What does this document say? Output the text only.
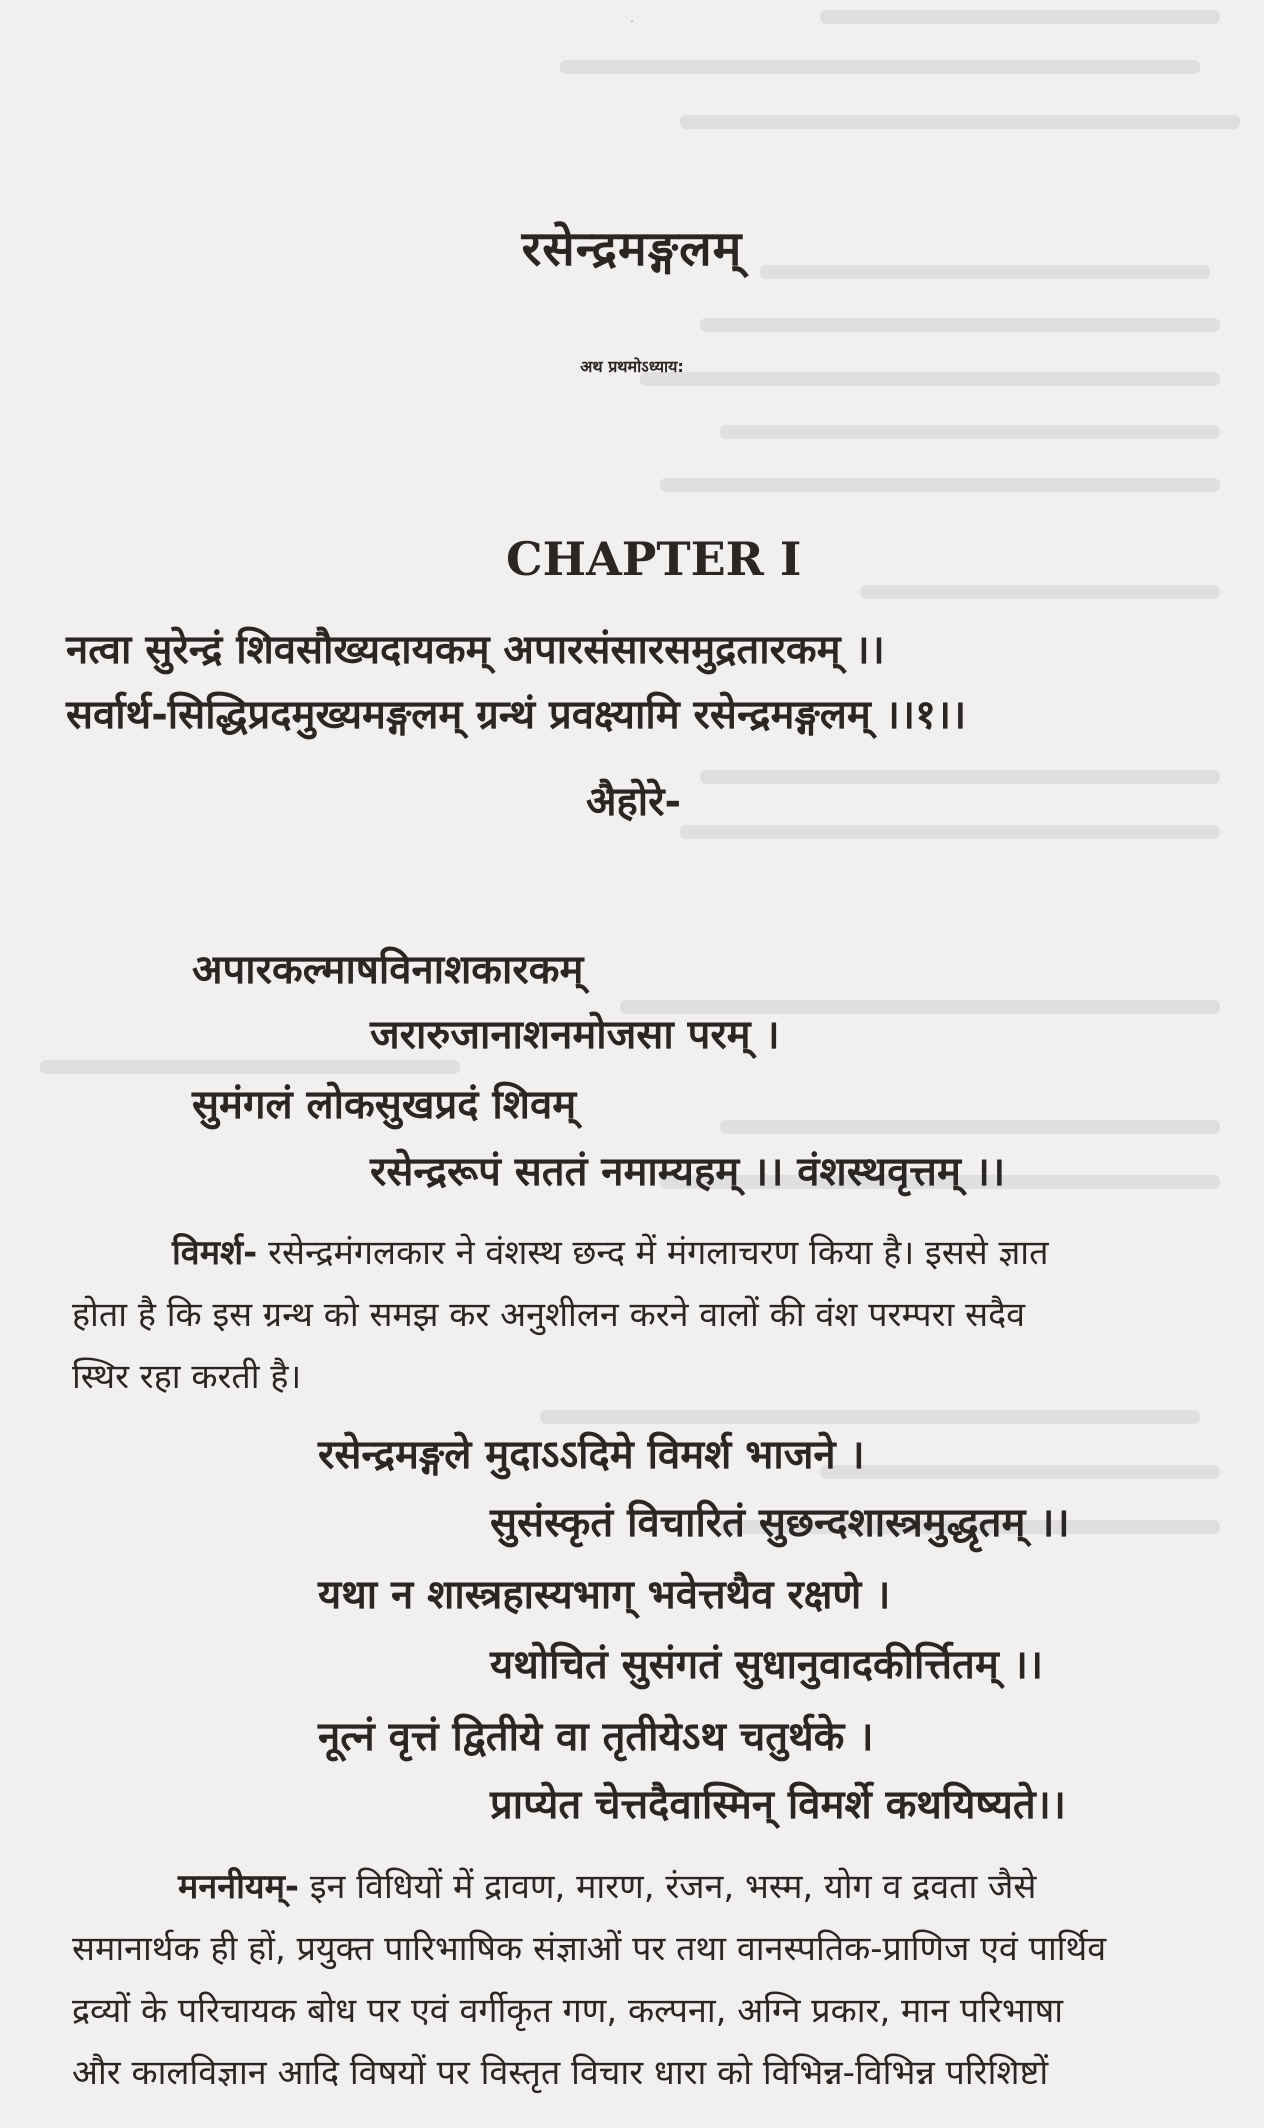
ॐ
रसेन्द्रमङ्गलम्
अथ प्रथमोऽध्याय:
CHAPTER I
नत्वा सुरेन्द्रं शिवसौख्यदायकम् अपारसंसारसमुद्रतारकम् ।।
सर्वार्थ-सिद्धिप्रदमुख्यमङ्गलम् ग्रन्थं प्रवक्ष्यामि रसेन्द्रमङ्गलम् ।।१।।
अैहोरे-
अपारकल्माषविनाशकारकम्
जरारुजानाशनमोजसा परम् ।
सुमंगलं लोकसुखप्रदं शिवम्
रसेन्द्ररूपं सततं नमाम्यहम् ।। वंशस्थवृत्तम् ।।
विमर्श- रसेन्द्रमंगलकार ने वंशस्थ छन्द में मंगलाचरण किया है। इससे ज्ञात
होता है कि इस ग्रन्थ को समझ कर अनुशीलन करने वालों की वंश परम्परा सदैव
स्थिर रहा करती है।
रसेन्द्रमङ्गले मुदाऽऽदिमे विमर्श भाजने ।
सुसंस्कृतं विचारितं सुछन्दशास्त्रमुद्धृतम् ।।
यथा न शास्त्रहास्यभाग् भवेत्तथैव रक्षणे ।
यथोचितं सुसंगतं सुधानुवादकीर्त्तितम् ।।
नूत्नं वृत्तं द्वितीये वा तृतीयेऽथ चतुर्थके ।
प्राप्येत चेत्तदैवास्मिन् विमर्शे कथयिष्यते।।
मननीयम्- इन विधियों में द्रावण, मारण, रंजन, भस्म, योग व द्रवता जैसे
समानार्थक ही हों, प्रयुक्त पारिभाषिक संज्ञाओं पर तथा वानस्पतिक-प्राणिज एवं पार्थिव
द्रव्यों के परिचायक बोध पर एवं वर्गीकृत गण, कल्पना, अग्नि प्रकार, मान परिभाषा
और कालविज्ञान आदि विषयों पर विस्तृत विचार धारा को विभिन्न-विभिन्न परिशिष्टों
